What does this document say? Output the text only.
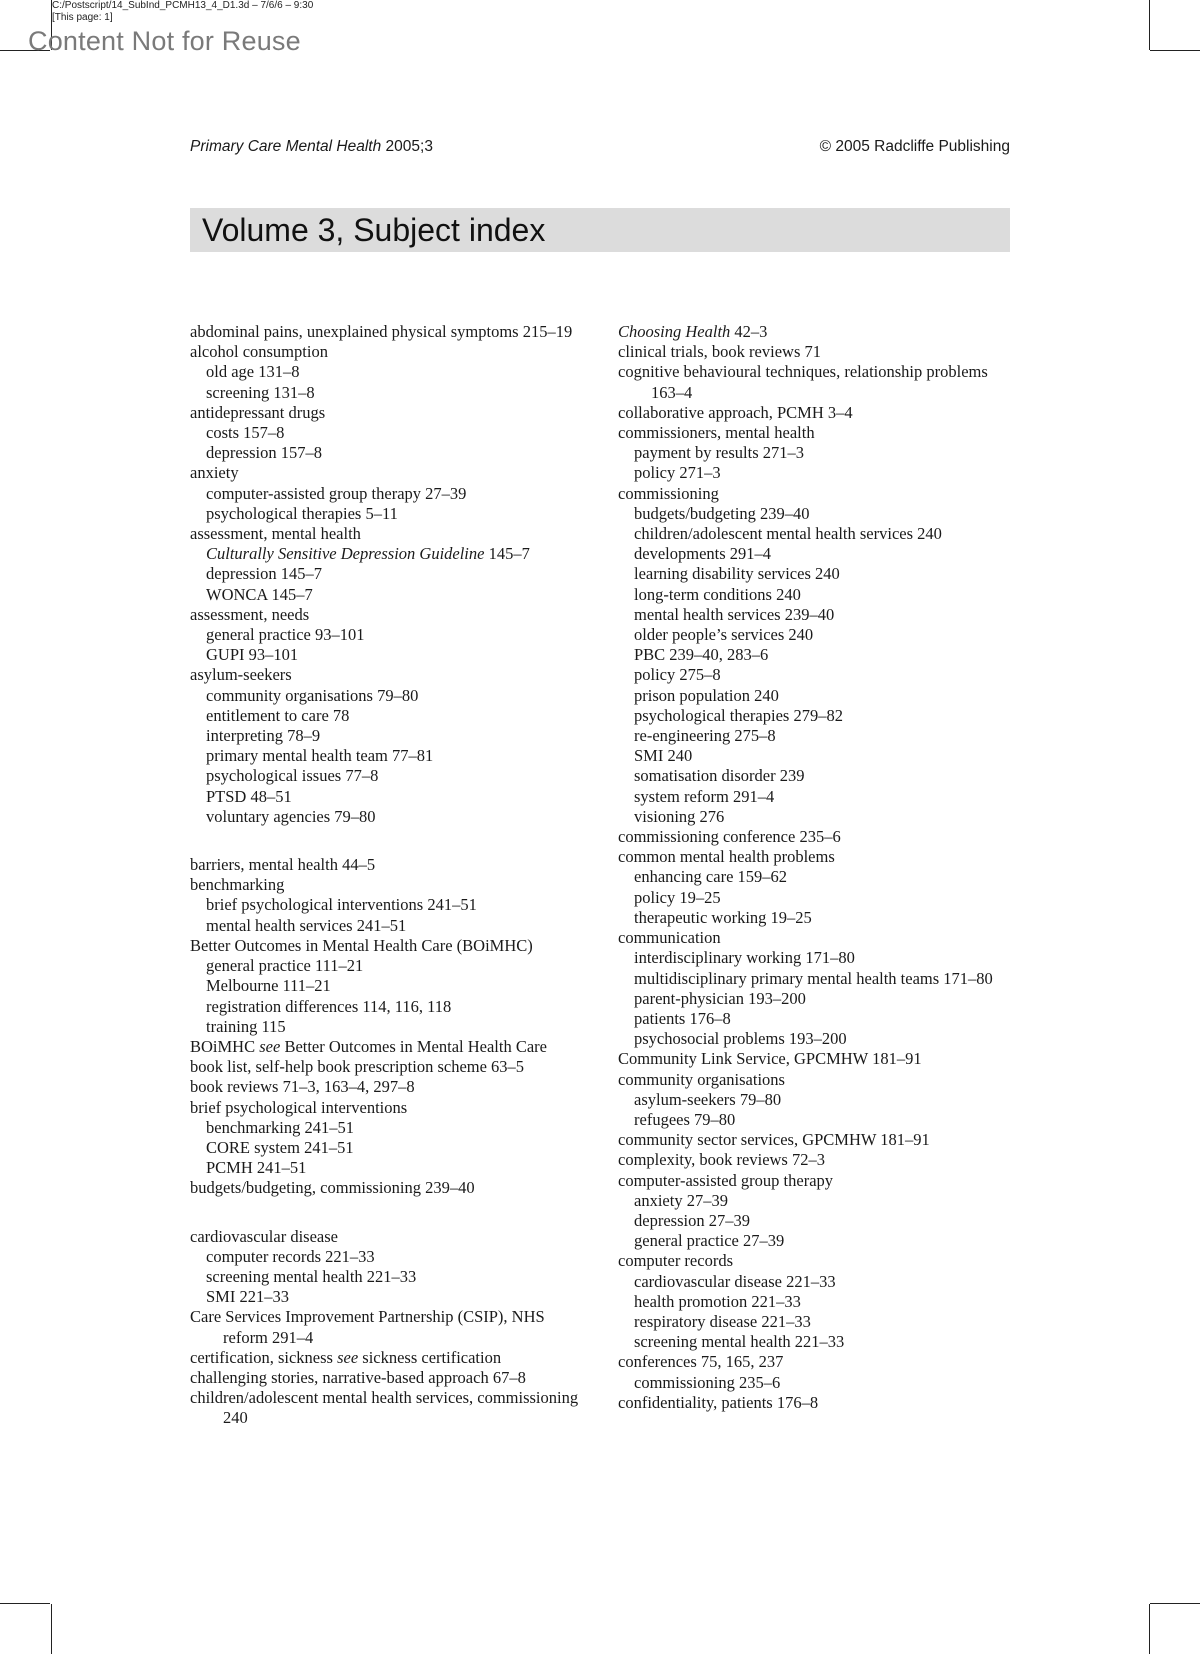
C:/Postscript/14_SubInd_PCMH13_4_D1.3d – 7/6/6 – 9:30
[This page: 1]
Content Not for Reuse
Primary Care Mental Health 2005;3	© 2005 Radcliffe Publishing
Volume 3, Subject index
abdominal pains, unexplained physical symptoms 215–19
alcohol consumption
old age 131–8
screening 131–8
antidepressant drugs
costs 157–8
depression 157–8
anxiety
computer-assisted group therapy 27–39
psychological therapies 5–11
assessment, mental health
Culturally Sensitive Depression Guideline 145–7
depression 145–7
WONCA 145–7
assessment, needs
general practice 93–101
GUPI 93–101
asylum-seekers
community organisations 79–80
entitlement to care 78
interpreting 78–9
primary mental health team 77–81
psychological issues 77–8
PTSD 48–51
voluntary agencies 79–80
barriers, mental health 44–5
benchmarking
brief psychological interventions 241–51
mental health services 241–51
Better Outcomes in Mental Health Care (BOiMHC)
general practice 111–21
Melbourne 111–21
registration differences 114, 116, 118
training 115
BOiMHC see Better Outcomes in Mental Health Care
book list, self-help book prescription scheme 63–5
book reviews 71–3, 163–4, 297–8
brief psychological interventions
benchmarking 241–51
CORE system 241–51
PCMH 241–51
budgets/budgeting, commissioning 239–40
cardiovascular disease
computer records 221–33
screening mental health 221–33
SMI 221–33
Care Services Improvement Partnership (CSIP), NHS reform 291–4
certification, sickness see sickness certification
challenging stories, narrative-based approach 67–8
children/adolescent mental health services, commissioning 240
Choosing Health 42–3
clinical trials, book reviews 71
cognitive behavioural techniques, relationship problems 163–4
collaborative approach, PCMH 3–4
commissioners, mental health
payment by results 271–3
policy 271–3
commissioning
budgets/budgeting 239–40
children/adolescent mental health services 240
developments 291–4
learning disability services 240
long-term conditions 240
mental health services 239–40
older people’s services 240
PBC 239–40, 283–6
policy 275–8
prison population 240
psychological therapies 279–82
re-engineering 275–8
SMI 240
somatisation disorder 239
system reform 291–4
visioning 276
commissioning conference 235–6
common mental health problems
enhancing care 159–62
policy 19–25
therapeutic working 19–25
communication
interdisciplinary working 171–80
multidisciplinary primary mental health teams 171–80
parent-physician 193–200
patients 176–8
psychosocial problems 193–200
Community Link Service, GPCMHW 181–91
community organisations
asylum-seekers 79–80
refugees 79–80
community sector services, GPCMHW 181–91
complexity, book reviews 72–3
computer-assisted group therapy
anxiety 27–39
depression 27–39
general practice 27–39
computer records
cardiovascular disease 221–33
health promotion 221–33
respiratory disease 221–33
screening mental health 221–33
conferences 75, 165, 237
commissioning 235–6
confidentiality, patients 176–8
